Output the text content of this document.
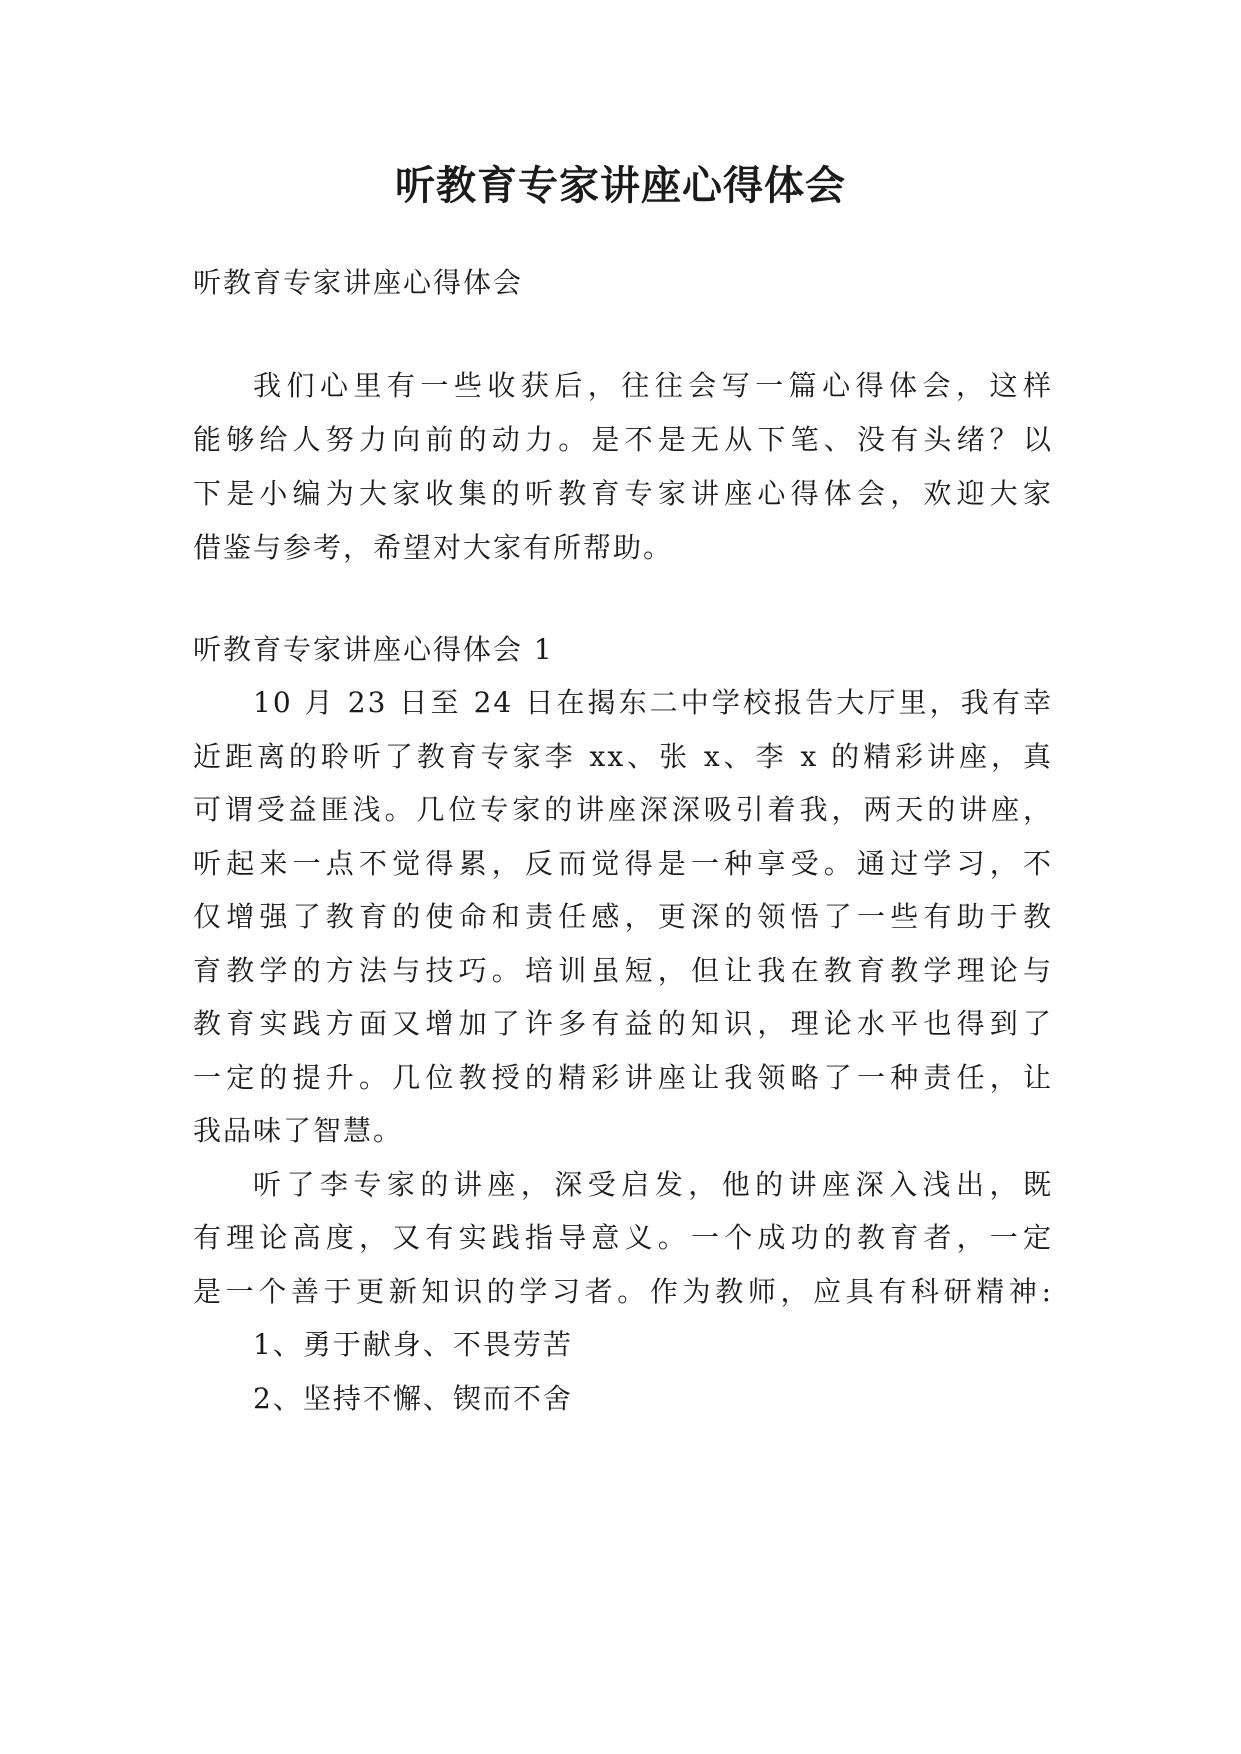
听教育专家讲座心得体会

听教育专家讲座心得体会

我们心里有一些收获后，往往会写一篇心得体会，这样

能够给人努力向前的动力。是不是无从下笔、没有头绪？以

下是小编为大家收集的听教育专家讲座心得体会，欢迎大家

借鉴与参考，希望对大家有所帮助。

听教育专家讲座心得体会 1

10 月 23 日至 24 日在揭东二中学校报告大厅里，我有幸

近距离的聆听了教育专家李 xx、张 x、李 x 的精彩讲座，真

可谓受益匪浅。几位专家的讲座深深吸引着我，两天的讲座，

听起来一点不觉得累，反而觉得是一种享受。通过学习，不

仅增强了教育的使命和责任感，更深的领悟了一些有助于教

育教学的方法与技巧。培训虽短，但让我在教育教学理论与

教育实践方面又增加了许多有益的知识，理论水平也得到了

一定的提升。几位教授的精彩讲座让我领略了一种责任，让

我品味了智慧。

听了李专家的讲座，深受启发，他的讲座深入浅出，既

有理论高度，又有实践指导意义。一个成功的教育者，一定

是一个善于更新知识的学习者。作为教师，应具有科研精神:

1、勇于献身、不畏劳苦

2、坚持不懈、锲而不舍
